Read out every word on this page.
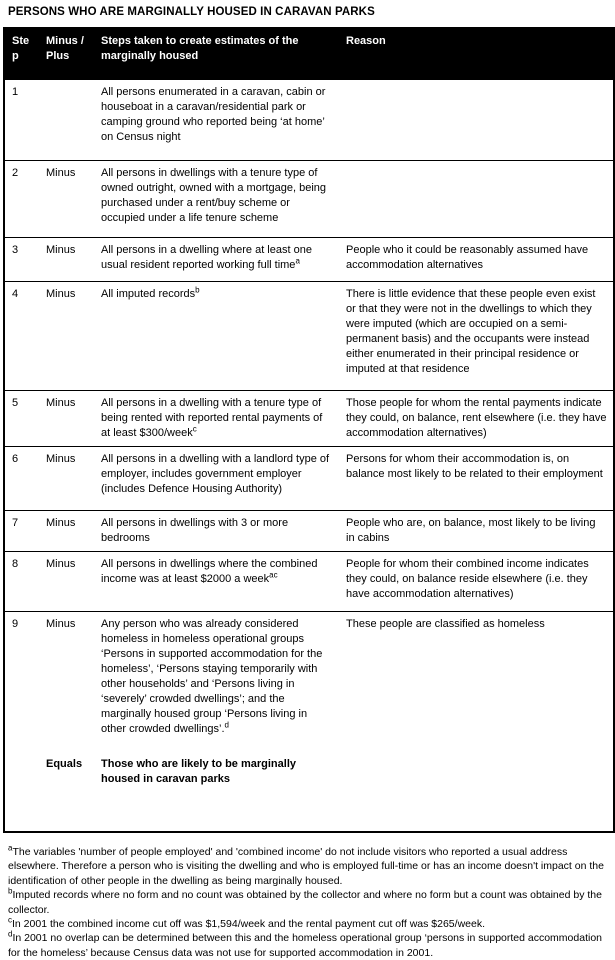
PERSONS WHO ARE MARGINALLY HOUSED IN CARAVAN PARKS
Step	Minus / Plus	Steps taken to create estimates of the marginally housed	Reason
1		All persons enumerated in a caravan, cabin or houseboat in a caravan/residential park or camping ground who reported being ‘at home’ on Census night	
2	Minus	All persons in dwellings with a tenure type of owned outright, owned with a mortgage, being purchased under a rent/buy scheme or occupied under a life tenure scheme	
3	Minus	All persons in a dwelling where at least one usual resident reported working full time$^a$	People who it could be reasonably assumed have accommodation alternatives
4	Minus	All imputed records$^b$	There is little evidence that these people even exist or that they were not in the dwellings to which they were imputed (which are occupied on a semi-permanent basis) and the occupants were instead either enumerated in their principal residence or imputed at that residence
5	Minus	All persons in a dwelling with a tenure type of being rented with reported rental payments of at least $300/week$^c$	Those people for whom the rental payments indicate they could, on balance, rent elsewhere (i.e. they have accommodation alternatives)
6	Minus	All persons in a dwelling with a landlord type of employer, includes government employer (includes Defence Housing Authority)	Persons for whom their accommodation is, on balance most likely to be related to their employment
7	Minus	All persons in dwellings with 3 or more bedrooms	People who are, on balance, most likely to be living in cabins
8	Minus	All persons in dwellings where the combined income was at least $2000 a week$^{ac}$	People for whom their combined income indicates they could, on balance reside elsewhere (i.e. they have accommodation alternatives)
9	Minus	Any person who was already considered homeless in homeless operational groups ‘Persons in supported accommodation for the homeless’, ‘Persons staying temporarily with other households’ and ‘Persons living in ‘severely’ crowded dwellings’; and the marginally housed group ‘Persons living in other crowded dwellings’.$^d$	These people are classified as homeless
	Equals	Those who are likely to be marginally housed in caravan parks	
$^a$The variables 'number of people employed' and 'combined income' do not include visitors who reported a usual address elsewhere. Therefore a person who is visiting the dwelling and who is employed full-time or has an income doesn't impact on the identification of other people in the dwelling as being marginally housed.
$^b$Imputed records where no form and no count was obtained by the collector and where no form but a count was obtained by the collector.
$^c$In 2001 the combined income cut off was $1,594/week and the rental payment cut off was $265/week.
$^d$In 2001 no overlap can be determined between this and the homeless operational group ‘persons in supported accommodation for the homeless’ because Census data was not use for supported accommodation in 2001.
